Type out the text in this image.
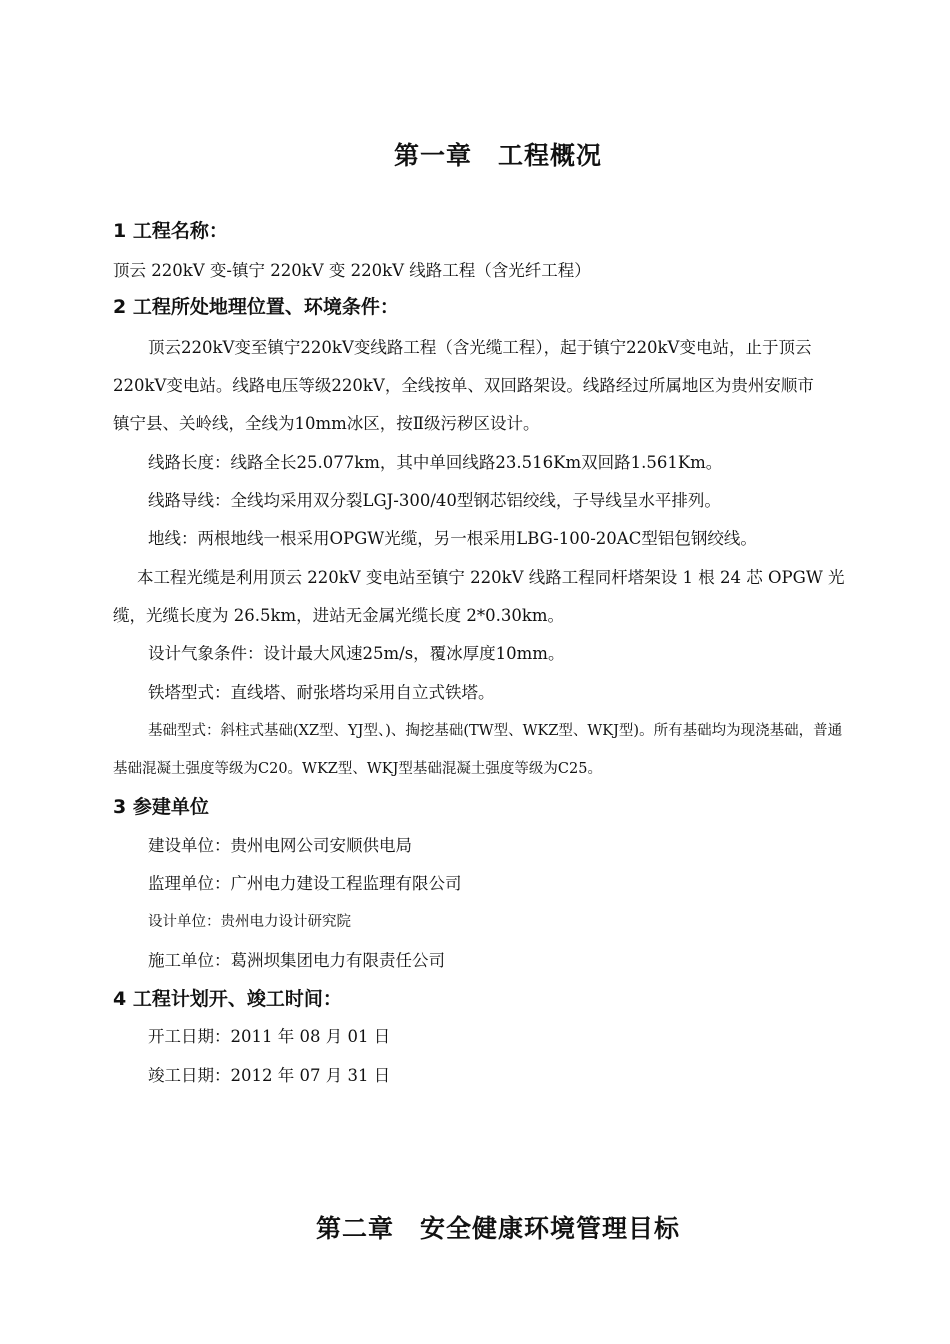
第一章　工程概况
1 工程名称：
顶云 220kV 变-镇宁 220kV 变 220kV 线路工程（含光纤工程）
2 工程所处地理位置、环境条件：
顶云220kV变至镇宁220kV变线路工程（含光缆工程），起于镇宁220kV变电站，止于顶云
220kV变电站。线路电压等级220kV，全线按单、双回路架设。线路经过所属地区为贵州安顺市
镇宁县、关岭线，全线为10mm冰区，按Ⅱ级污秽区设计。
线路长度：线路全长25.077km，其中单回线路23.516Km双回路1.561Km。
线路导线：全线均采用双分裂LGJ-300/40型钢芯铝绞线，子导线呈水平排列。
地线：两根地线一根采用OPGW光缆，另一根采用LBG-100-20AC型铝包钢绞线。
本工程光缆是利用顶云 220kV 变电站至镇宁 220kV 线路工程同杆塔架设 1 根 24 芯 OPGW 光
缆，光缆长度为 26.5km，进站无金属光缆长度 2*0.30km。
设计气象条件：设计最大风速25m/s，覆冰厚度10mm。
铁塔型式：直线塔、耐张塔均采用自立式铁塔。
基础型式：斜柱式基础(XZ型、YJ型、)、掏挖基础(TW型、WKZ型、WKJ型)。所有基础均为现浇基础，普通
基础混凝土强度等级为C20。WKZ型、WKJ型基础混凝土强度等级为C25。
3 参建单位
建设单位：贵州电网公司安顺供电局
监理单位：广州电力建设工程监理有限公司
设计单位：贵州电力设计研究院
施工单位：葛洲坝集团电力有限责任公司
4 工程计划开、竣工时间：
开工日期：2011 年 08 月 01 日
竣工日期：2012 年 07 月 31 日
第二章　安全健康环境管理目标
